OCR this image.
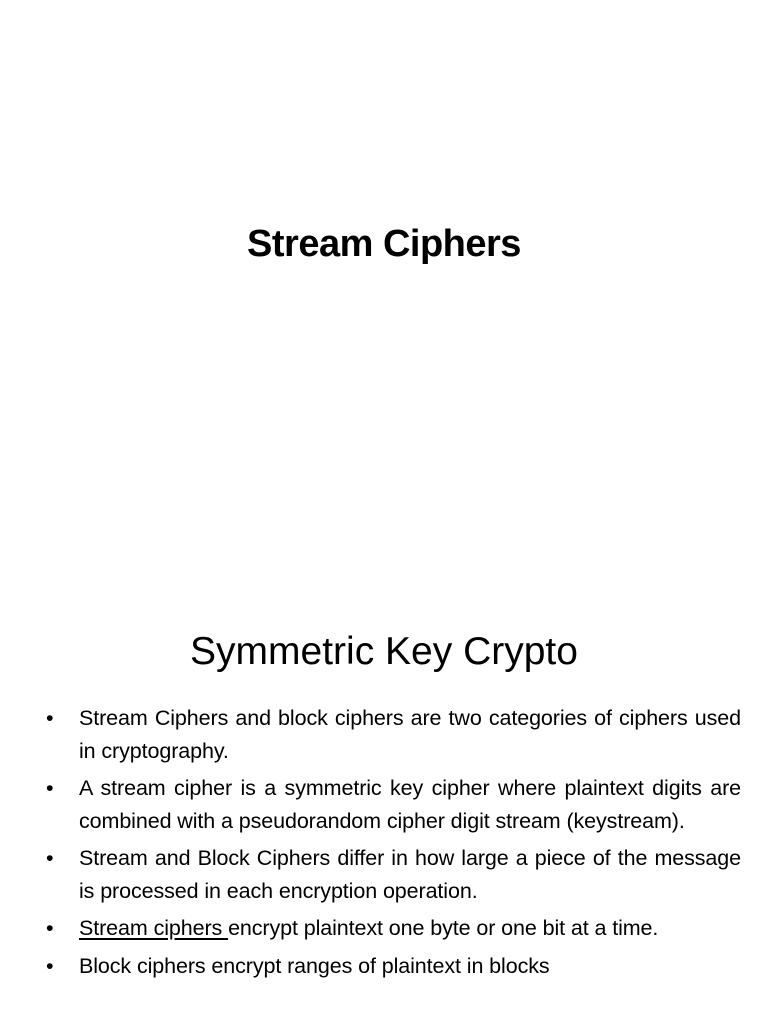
Stream Ciphers
Symmetric Key Crypto
• Stream Ciphers and block ciphers are two categories of ciphers used in cryptography.
• A stream cipher is a symmetric key cipher where plaintext digits are combined with a pseudorandom cipher digit stream (keystream).
• Stream and Block Ciphers differ in how large a piece of the message is processed in each encryption operation.
• Stream ciphers encrypt plaintext one byte or one bit at a time.
• Block ciphers encrypt ranges of plaintext in blocks
